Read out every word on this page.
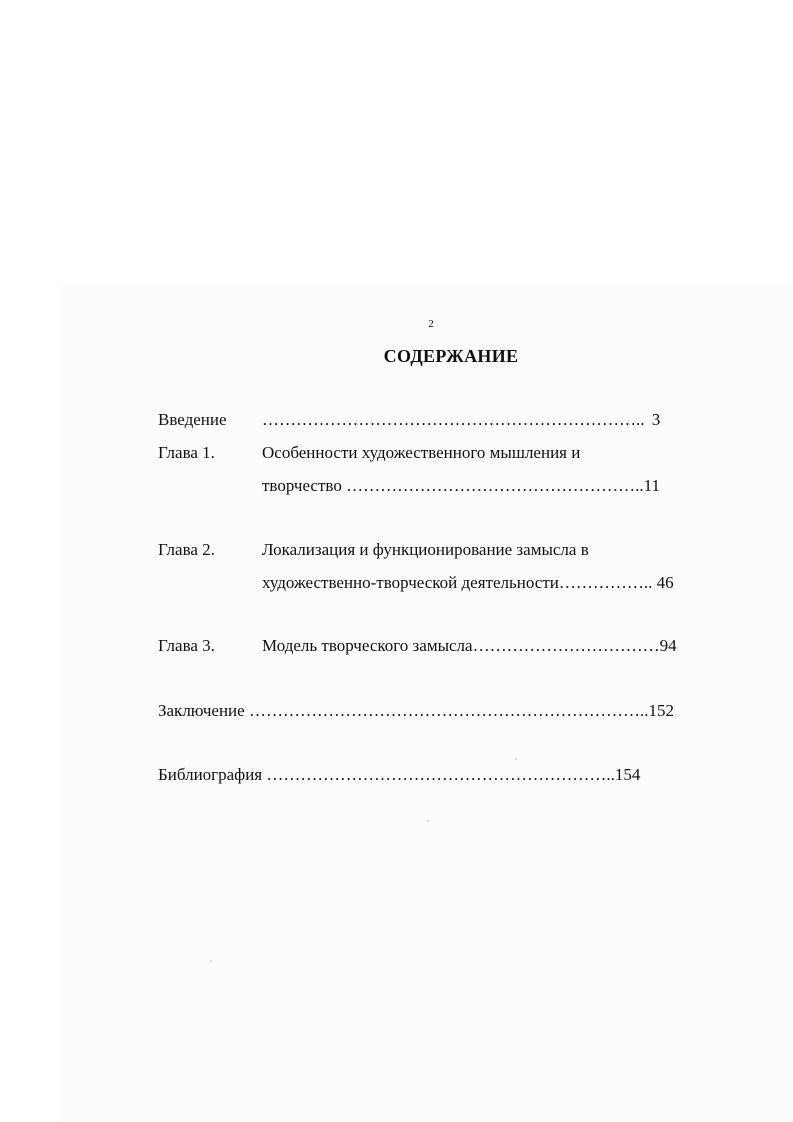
2
СОДЕРЖАНИЕ
Введение ………………………………………………………….. 3
Глава 1.	Особенности художественного мышления и
творчество ……………………………………………..11
Глава 2.	Локализация и функционирование замысла в
художественно-творческой деятельности…………….. 46
Глава 3.	Модель творческого замысла……………………………94
Заключение ……………………………………………………………..152
Библиография ……………………………………………………..154
